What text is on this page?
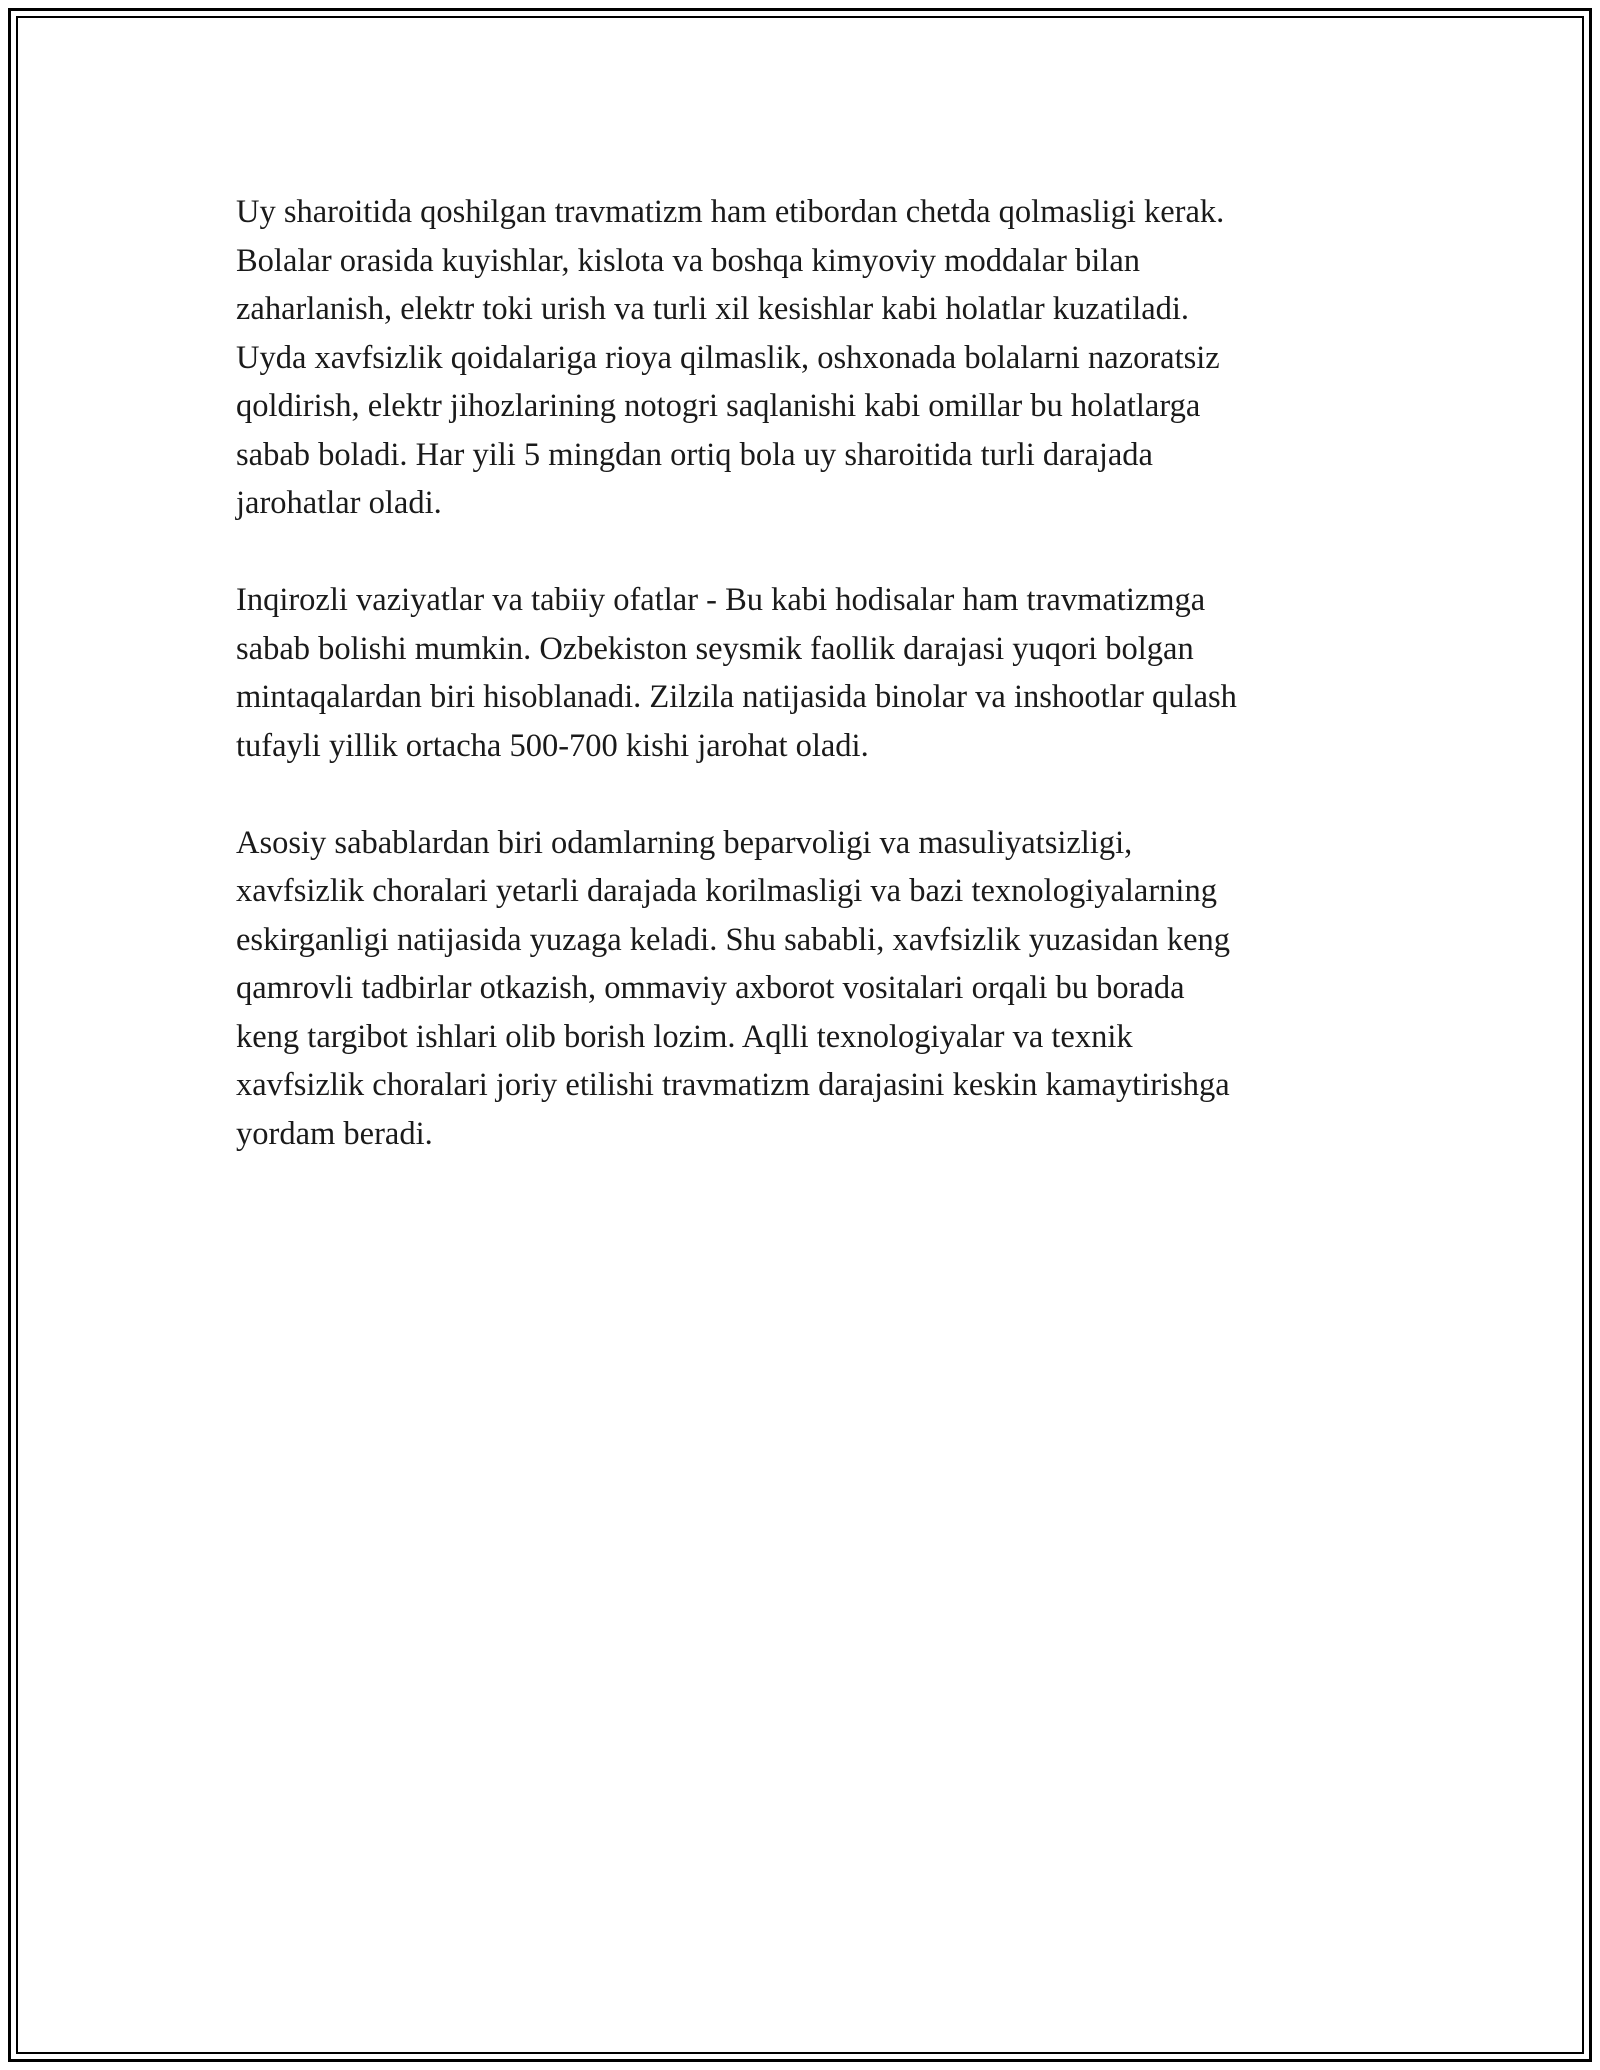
Uy sharoitida qoshilgan travmatizm ham etibordan chetda qolmasligi kerak.
Bolalar orasida kuyishlar, kislota va boshqa kimyoviy moddalar bilan
zaharlanish, elektr toki urish va turli xil kesishlar kabi holatlar kuzatiladi.
Uyda xavfsizlik qoidalariga rioya qilmaslik, oshxonada bolalarni nazoratsiz
qoldirish, elektr jihozlarining notogri saqlanishi kabi omillar bu holatlarga
sabab boladi. Har yili 5 mingdan ortiq bola uy sharoitida turli darajada
jarohatlar oladi.

Inqirozli vaziyatlar va tabiiy ofatlar - Bu kabi hodisalar ham travmatizmga
sabab bolishi mumkin. Ozbekiston seysmik faollik darajasi yuqori bolgan
mintaqalardan biri hisoblanadi. Zilzila natijasida binolar va inshootlar qulash
tufayli yillik ortacha 500-700 kishi jarohat oladi.

Asosiy sabablardan biri odamlarning beparvoligi va masuliyatsizligi,
xavfsizlik choralari yetarli darajada korilmasligi va bazi texnologiyalarning
eskirganligi natijasida yuzaga keladi. Shu sababli, xavfsizlik yuzasidan keng
qamrovli tadbirlar otkazish, ommaviy axborot vositalari orqali bu borada
keng targibot ishlari olib borish lozim. Aqlli texnologiyalar va texnik
xavfsizlik choralari joriy etilishi travmatizm darajasini keskin kamaytirishga
yordam beradi.
